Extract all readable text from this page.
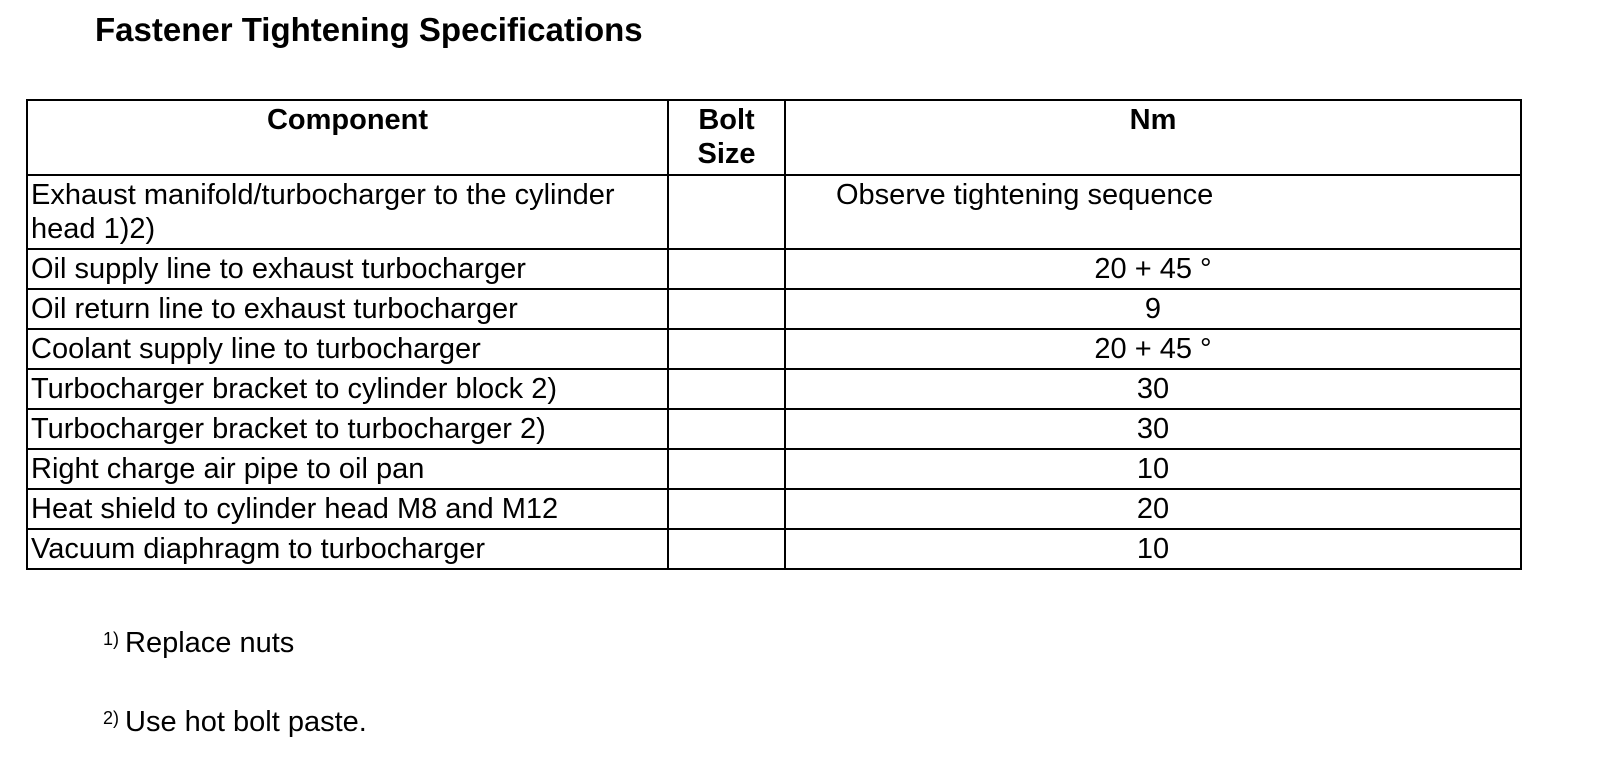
Fastener Tightening Specifications
Component	Bolt Size	Nm
Exhaust manifold/turbocharger to the cylinder head 1)2)		Observe tightening sequence
Oil supply line to exhaust turbocharger		20 + 45 °
Oil return line to exhaust turbocharger		9
Coolant supply line to turbocharger		20 + 45 °
Turbocharger bracket to cylinder block 2)		30
Turbocharger bracket to turbocharger 2)		30
Right charge air pipe to oil pan		10
Heat shield to cylinder head M8 and M12		20
Vacuum diaphragm to turbocharger		10

$^{1)}$ Replace nuts

$^{2)}$ Use hot bolt paste.
